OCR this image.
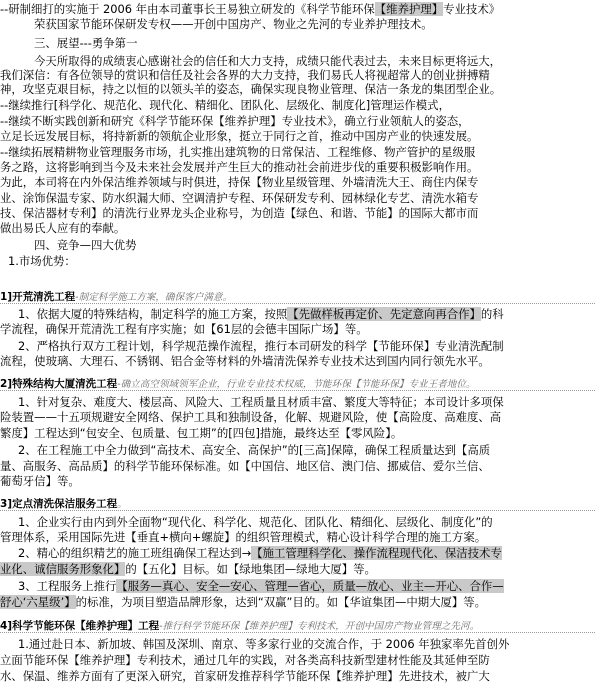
--研制细打的实施于 2006 年由本司董事长王易独立研发的《科学节能环保【维养护理】专业技术》
荣获国家节能环保研发专权——开创中国房产、物业之先河的专业养护理技术。
三、展望---勇争第一
今天所取得的成绩衷心感谢社会的信任和大力支持，成绩只能代表过去，未来目标更将远大，
我们深信：有各位领导的赏识和信任及社会各界的大力支持，我们易氏人将视超常人的创业拼搏精
神，攻坚克艰目标，持之以恒的以领头羊的姿态，确保实现良物业管理、保洁一条龙的集团型企业。
--继续推行[科学化、规范化、现代化、精细化、团队化、层级化、制度化]管理运作模式，
--继续不断实践创新和研究《科学节能环保【维养护理】专业技术》，确立行业领航人的姿态，
立足长远发展目标，将持新新的领航企业形象，挺立于同行之首，推动中国房产业的快速发展。
--继续拓展精耕物业管理服务市场，扎实推出建筑物的日常保洁、工程维修、物产管护的星级服
务之路，这将影响到当今及未来社会发展并产生巨大的推动社会前进步伐的重要积极影响作用。
为此，本司将在内外保洁维养领域与时俱进，持保【物业星级管理、外墙清洗大王、商住内保专
业、涂饰保温专家、防水织漏大师、空调清护专程、环保研发专利、园林绿化专艺、清洗水箱专
技、保洁器材专利】的清洗行业界龙头企业称号，为创造【绿色、和谐、节能】的国际大都市而
做出易氏人应有的奉献。
四、竞争—四大优势
1.市场优势：
1]开荒清洗工程-制定科学施工方案，确保客户满意。
1、依据大厦的特殊结构，制定科学的施工方案，按照【先做样板再定价、先定意向再合作】的科
学流程，确保开荒清洗工程有序实施；如【61层的会德丰国际广场】等。
2、严格执行双方工程计划，科学规范操作流程，推行本司研发的科学【节能环保】专业清洗配制
流程，使玻璃、大理石、不锈钢、铝合金等材料的外墙清洗保养专业技术达到国内同行领先水平。
2]特殊结构大厦清洗工程-确立高空领域领军企业，行业专业技术权威，节能环保【节能环保】专业王者地位。
1、针对复杂、难度大、楼层高、风险大、工程质量且材质丰富、繁度大等特征；本司设计多项保
险装置——十五项规避安全网络、保护工具和独制设备，化解、规避风险，使【高险度、高难度、高
繁度】工程达到“包安全、包质量、包工期”的[四包]措施，最终达至【零风险】。
2、在工程施工中全力做到“高技术、高安全、高保护”的[三高]保障，确保工程质量达到【高质
量、高服务、高品质】的科学节能环保标准。如【中国信、地区信、澳门信、挪威信、爱尔兰信、
葡萄牙信】等。
3]定点清洗保洁服务工程。
1、企业实行由内到外全面物“现代化、科学化、规范化、团队化、精细化、层级化、制度化”的
管理体系，采用国际先进【垂直+横向+螺旋】的组织管理模式，精心设计科学合理的施工方案。
2、精心的组织精艺的施工班组确保工程达到→【施工管理科学化、操作流程现代化、保洁技术专
业化、诚信服务形象化】的【五化】目标。如【绿地集团—绿地大厦】等。
3、工程服务上推行【服务—真心、安全—安心、管理—省心，质量—放心、业主—开心、合作—
舒心‘六星级’】的标准，为项目塑造品牌形象，达到“双赢”目的。如【华谊集团—中期大厦】等。
4]科学节能环保【维养护理】工程-推行科学节能环保【维养护理】专利技术，开创中国房产物业管理之先河。
1.通过赴日本、新加坡、韩国及深圳、南京、等多家行业的交流合作，于 2006 年独家率先首创外
立面节能环保【维养护理】专利技术，通过几年的实践，对各类高科技新型建材性能及其延伸至防
水、保温、维养方面有了更深入研究，首家研发推荐科学节能环保【维养护理】先进技术，被广大
